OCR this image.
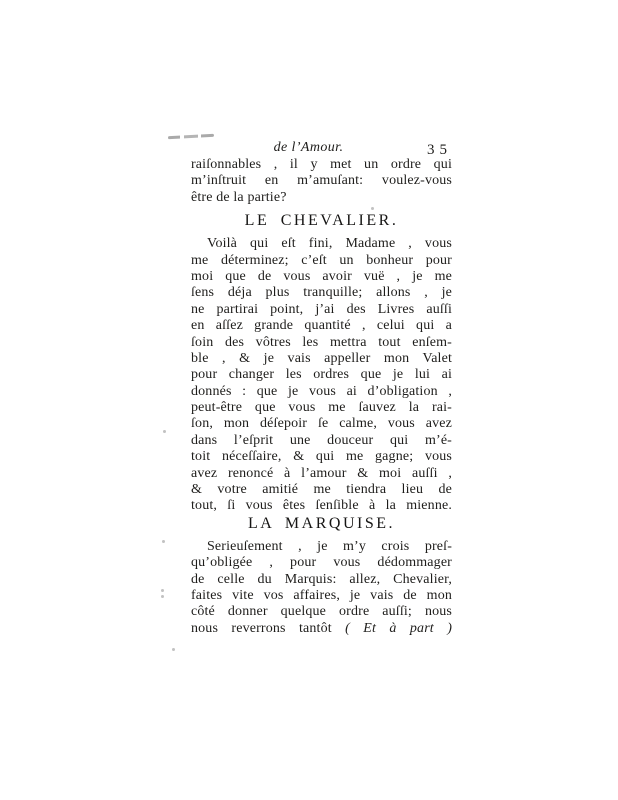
de l’Amour.	35
raiſonnables , il y met un ordre qui
m’inſtruit en m’amuſant: voulez-vous
être de la partie?
LE CHEVALIER.
Voilà qui eſt fini, Madame , vous
me déterminez; c’eſt un bonheur pour
moi que de vous avoir vuë , je me
ſens déja plus tranquille; allons , je
ne partirai point, j’ai des Livres auſſi
en aſſez grande quantité , celui qui a
ſoin des vôtres les mettra tout enſem-
ble , & je vais appeller mon Valet
pour changer les ordres que je lui ai
donnés : que je vous ai d’obligation ,
peut-être que vous me ſauvez la rai-
ſon, mon déſepoir ſe calme, vous avez
dans l’eſprit une douceur qui m’é-
toit néceſſaire, & qui me gagne; vous
avez renoncé à l’amour & moi auſſi ,
& votre amitié me tiendra lieu de
tout, ſi vous êtes ſenſible à la mienne.
LA MARQUISE.
Serieuſement , je m’y crois preſ-
qu’obligée , pour vous dédommager
de celle du Marquis: allez, Chevalier,
faites vite vos affaires, je vais de mon
côté donner quelque ordre auſſi; nous
nous reverrons tantôt ( Et à part )
